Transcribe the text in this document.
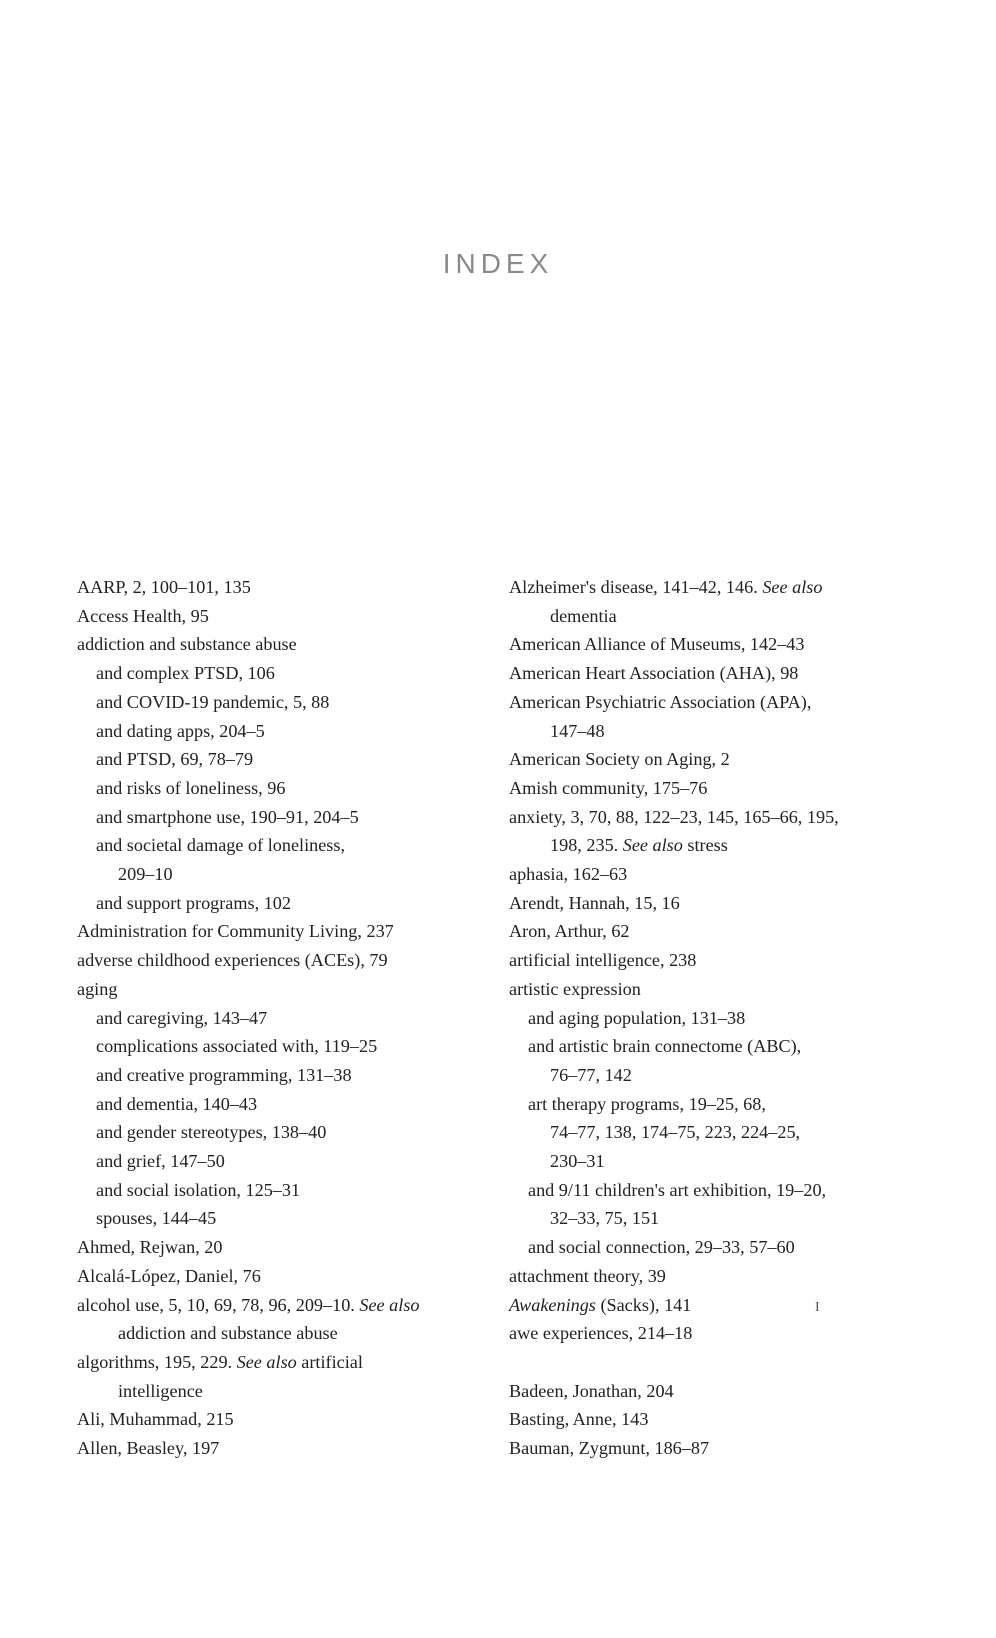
INDEX
AARP, 2, 100–101, 135
Access Health, 95
addiction and substance abuse
and complex PTSD, 106
and COVID-19 pandemic, 5, 88
and dating apps, 204–5
and PTSD, 69, 78–79
and risks of loneliness, 96
and smartphone use, 190–91, 204–5
and societal damage of loneliness,
209–10
and support programs, 102
Administration for Community Living, 237
adverse childhood experiences (ACEs), 79
aging
and caregiving, 143–47
complications associated with, 119–25
and creative programming, 131–38
and dementia, 140–43
and gender stereotypes, 138–40
and grief, 147–50
and social isolation, 125–31
spouses, 144–45
Ahmed, Rejwan, 20
Alcalá-López, Daniel, 76
alcohol use, 5, 10, 69, 78, 96, 209–10. See also
addiction and substance abuse
algorithms, 195, 229. See also artificial
intelligence
Ali, Muhammad, 215
Allen, Beasley, 197
Alzheimer's disease, 141–42, 146. See also
dementia
American Alliance of Museums, 142–43
American Heart Association (AHA), 98
American Psychiatric Association (APA),
147–48
American Society on Aging, 2
Amish community, 175–76
anxiety, 3, 70, 88, 122–23, 145, 165–66, 195,
198, 235. See also stress
aphasia, 162–63
Arendt, Hannah, 15, 16
Aron, Arthur, 62
artificial intelligence, 238
artistic expression
and aging population, 131–38
and artistic brain connectome (ABC),
76–77, 142
art therapy programs, 19–25, 68,
74–77, 138, 174–75, 223, 224–25,
230–31
and 9/11 children's art exhibition, 19–20,
32–33, 75, 151
and social connection, 29–33, 57–60
attachment theory, 39
Awakenings (Sacks), 141
awe experiences, 214–18
Badeen, Jonathan, 204
Basting, Anne, 143
Bauman, Zygmunt, 186–87
I
